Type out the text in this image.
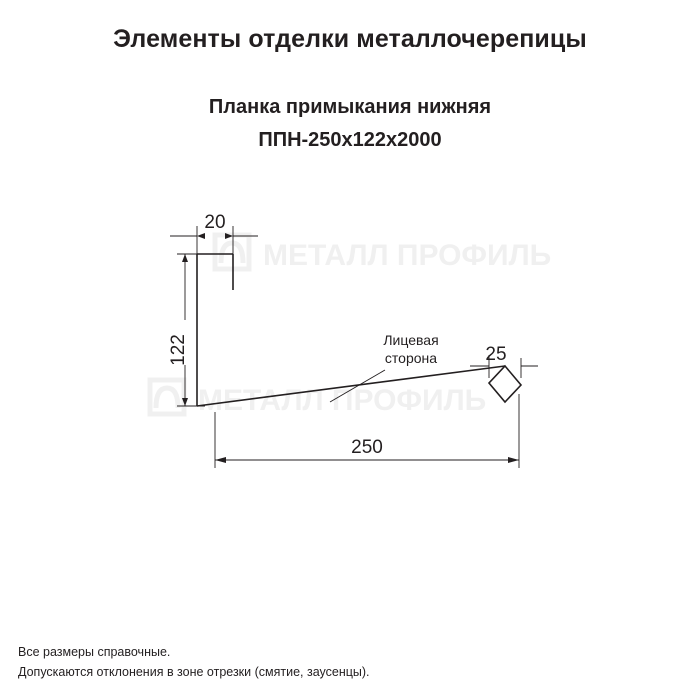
Элементы отделки металлочерепицы
Планка примыкания нижняя
ППН-250х122х2000
МЕТАЛЛ ПРОФИЛЬ
МЕТАЛЛ ПРОФИЛЬ
20
122	25
250
Лицевая
сторона
Все размеры справочные.
Допускаются отклонения в зоне отрезки (смятие, заусенцы).
